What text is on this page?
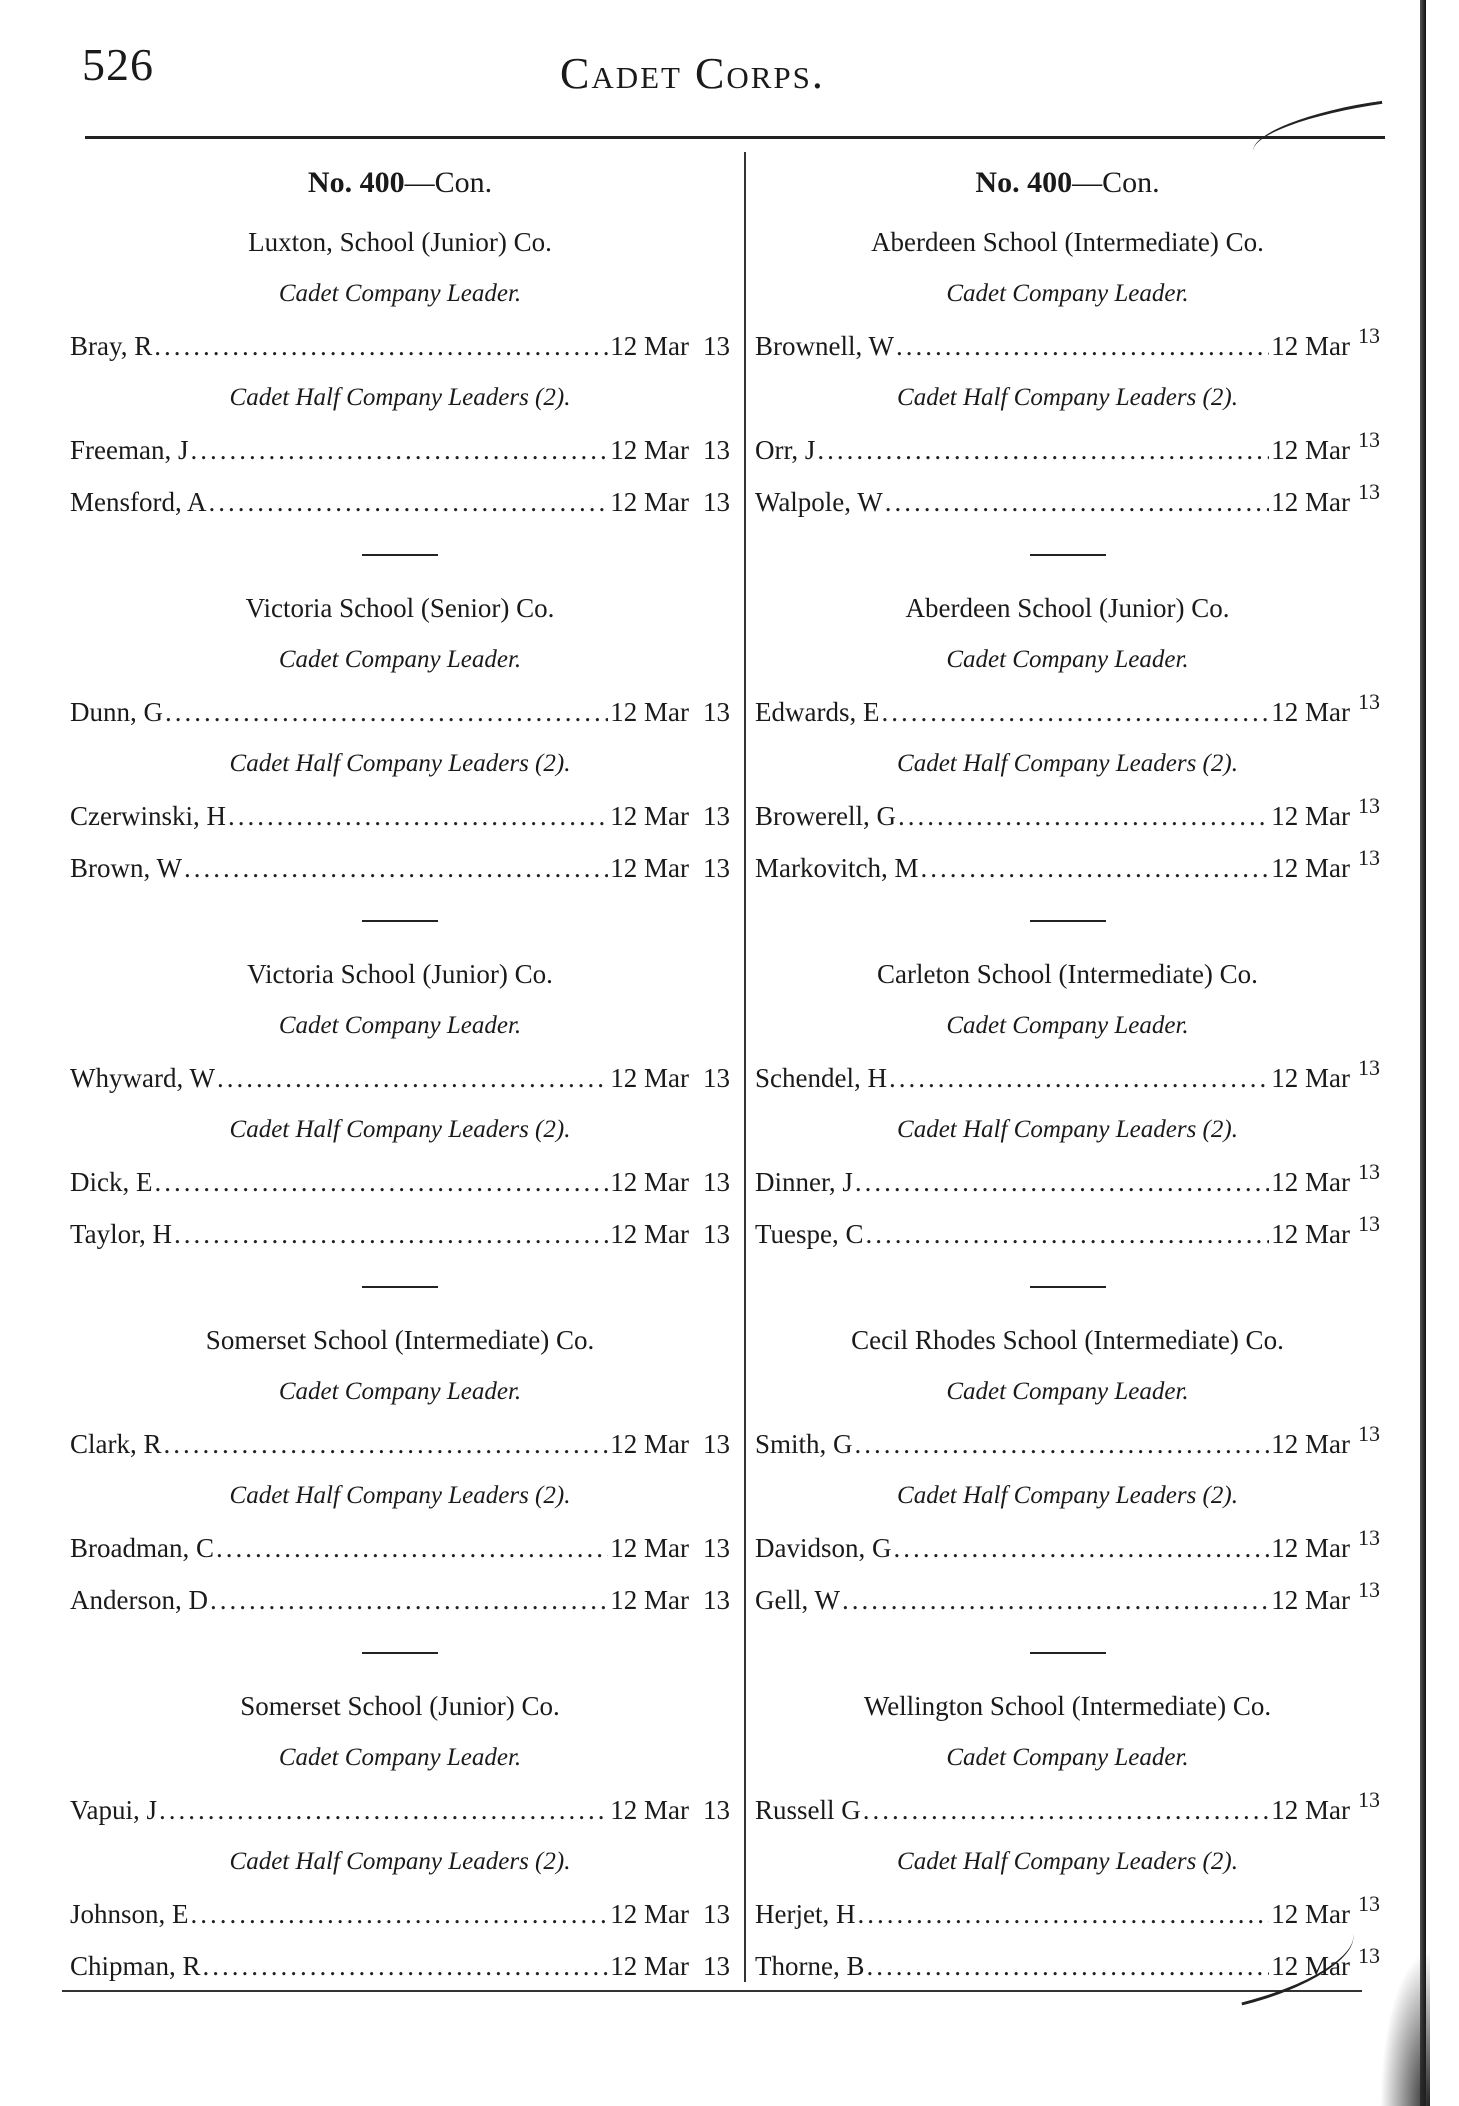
526	Cadet Corps.
No. 400—Con.
Luxton, School (Junior) Co.
Cadet Company Leader.
Bray, R .....	12 Mar 13
Cadet Half Company Leaders (2).
Freeman, J .....	12 Mar 13
Mensford, A .....	12 Mar 13
Victoria School (Senior) Co.
Cadet Company Leader.
Dunn, G .....	12 Mar 13
Cadet Half Company Leaders (2).
Czerwinski, H .....	12 Mar 13
Brown, W .....	12 Mar 13
Victoria School (Junior) Co.
Cadet Company Leader.
Whyward, W .....	12 Mar 13
Cadet Half Company Leaders (2).
Dick, E .....	12 Mar 13
Taylor, H .....	12 Mar 13
Somerset School (Intermediate) Co.
Cadet Company Leader.
Clark, R .....	12 Mar 13
Cadet Half Company Leaders (2).
Broadman, C .....	12 Mar 13
Anderson, D .....	12 Mar 13
Somerset School (Junior) Co.
Cadet Company Leader.
Vapui, J .....	12 Mar 13
Cadet Half Company Leaders (2).
Johnson, E .....	12 Mar 13
Chipman, R .....	12 Mar 13
No. 400—Con.
Aberdeen School (Intermediate) Co.
Cadet Company Leader.
Brownell, W .....	12 Mar 13
Cadet Half Company Leaders (2).
Orr, J .....	12 Mar 13
Walpole, W .....	12 Mar 13
Aberdeen School (Junior) Co.
Cadet Company Leader.
Edwards, E .....	12 Mar 13
Cadet Half Company Leaders (2).
Browerell, G .....	12 Mar 13
Markovitch, M .....	12 Mar 13
Carleton School (Intermediate) Co.
Cadet Company Leader.
Schendel, H .....	12 Mar 13
Cadet Half Company Leaders (2).
Dinner, J .....	12 Mar 13
Tuespe, C .....	12 Mar 13
Cecil Rhodes School (Intermediate) Co.
Cadet Company Leader.
Smith, G .....	12 Mar 13
Cadet Half Company Leaders (2).
Davidson, G .....	12 Mar 13
Gell, W .....	12 Mar 13
Wellington School (Intermediate) Co.
Cadet Company Leader.
Russell G .....	12 Mar 13
Cadet Half Company Leaders (2).
Herjet, H .....	12 Mar 13
Thorne, B .....	12 Mar 13
